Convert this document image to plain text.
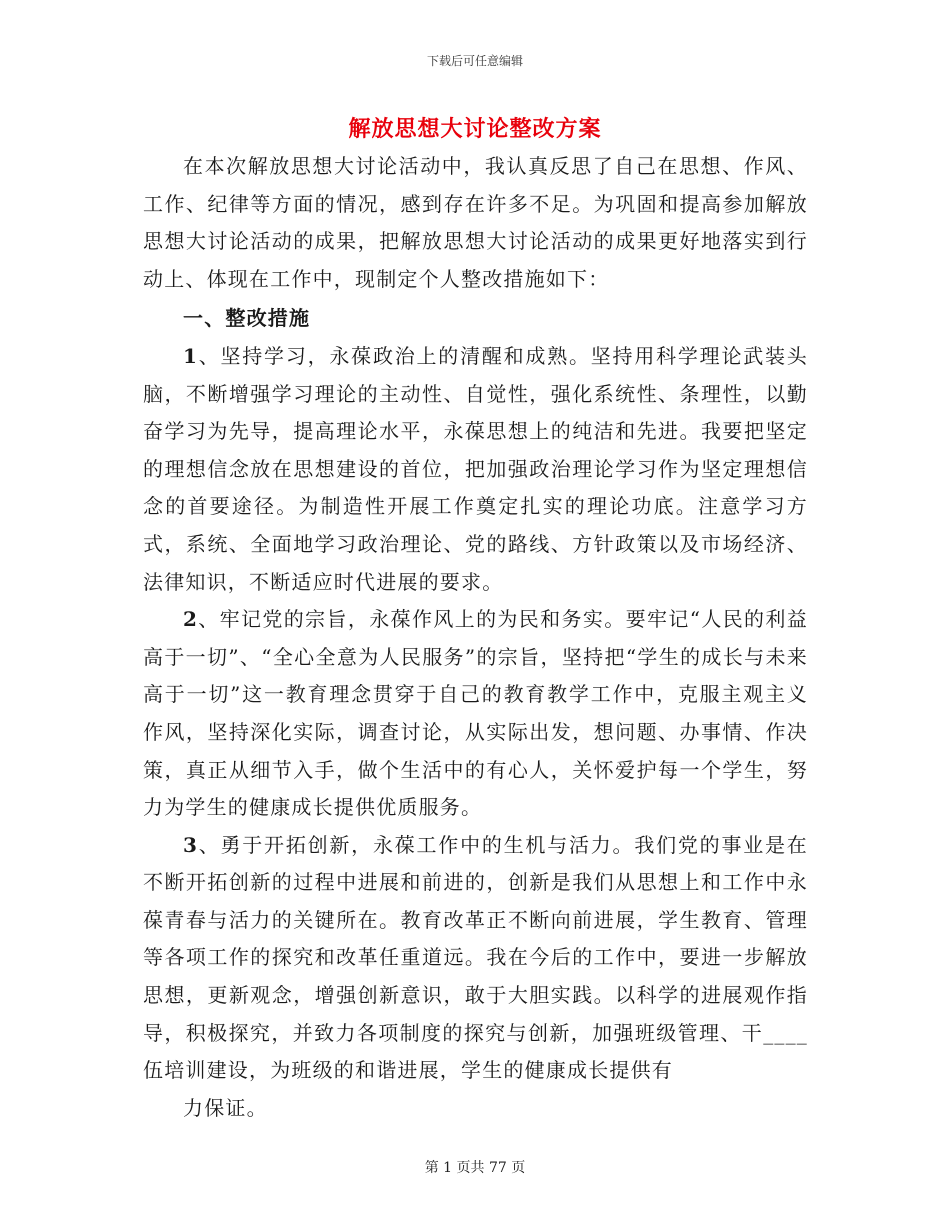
下载后可任意编辑
解放思想大讨论整改方案

在本次解放思想大讨论活动中，我认真反思了自己在思想、作风、工作、纪律等方面的情况，感到存在许多不足。为巩固和提高参加解放思想大讨论活动的成果，把解放思想大讨论活动的成果更好地落实到行动上、体现在工作中，现制定个人整改措施如下：

一、整改措施

1、坚持学习，永葆政治上的清醒和成熟。坚持用科学理论武装头脑，不断增强学习理论的主动性、自觉性，强化系统性、条理性，以勤奋学习为先导，提高理论水平，永葆思想上的纯洁和先进。我要把坚定的理想信念放在思想建设的首位，把加强政治理论学习作为坚定理想信念的首要途径。为制造性开展工作奠定扎实的理论功底。注意学习方式，系统、全面地学习政治理论、党的路线、方针政策以及市场经济、法律知识，不断适应时代进展的要求。

2、牢记党的宗旨，永葆作风上的为民和务实。要牢记“人民的利益高于一切”、“全心全意为人民服务”的宗旨，坚持把“学生的成长与未来高于一切”这一教育理念贯穿于自己的教育教学工作中，克服主观主义作风，坚持深化实际，调查讨论，从实际出发，想问题、办事情、作决策，真正从细节入手，做个生活中的有心人，关怀爱护每一个学生，努力为学生的健康成长提供优质服务。

3、勇于开拓创新，永葆工作中的生机与活力。我们党的事业是在不断开拓创新的过程中进展和前进的，创新是我们从思想上和工作中永葆青春与活力的关键所在。教育改革正不断向前进展，学生教育、管理等各项工作的探究和改革任重道远。我在今后的工作中，要进一步解放思想，更新观念，增强创新意识，敢于大胆实践。以科学的进展观作指导，积极探究，并致力各项制度的探究与创新，加强班级管理、干____伍培训建设，为班级的和谐进展，学生的健康成长提供有

力保证。

第 1 页共 77 页
